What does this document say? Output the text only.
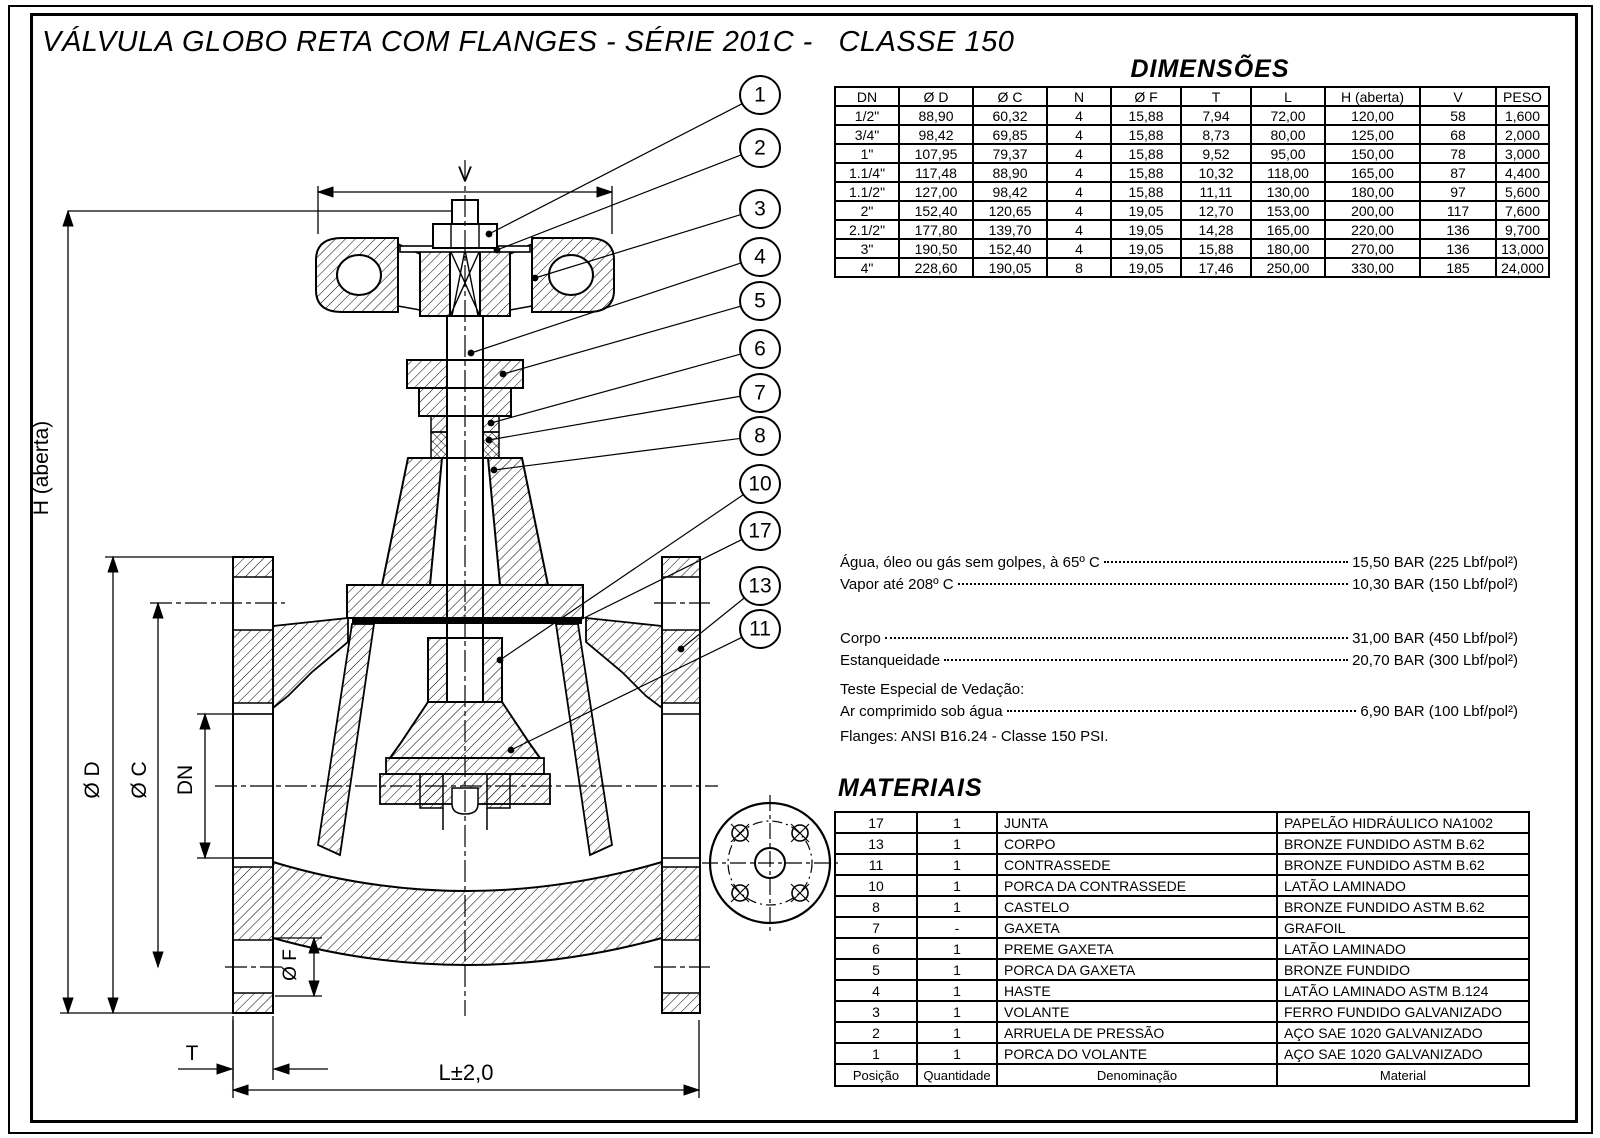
VÁLVULA GLOBO RETA COM FLANGES - SÉRIE 201C -   CLASSE 150
DIMENSÕES
DN	Ø D	Ø C	N	Ø F	T	L	H (aberta)	V	PESO
1/2"	88,90	60,32	4	15,88	7,94	72,00	120,00	58	1,600
3/4"	98,42	69,85	4	15,88	8,73	80,00	125,00	68	2,000
1"	107,95	79,37	4	15,88	9,52	95,00	150,00	78	3,000
1.1/4"	117,48	88,90	4	15,88	10,32	118,00	165,00	87	4,400
1.1/2"	127,00	98,42	4	15,88	11,11	130,00	180,00	97	5,600
2"	152,40	120,65	4	19,05	12,70	153,00	200,00	117	7,600
2.1/2"	177,80	139,70	4	19,05	14,28	165,00	220,00	136	9,700
3"	190,50	152,40	4	19,05	15,88	180,00	270,00	136	13,000
4"	228,60	190,05	8	19,05	17,46	250,00	330,00	185	24,000
Água, óleo ou gás sem golpes, à 65º C	15,50 BAR (225 Lbf/pol²)
Vapor até 208º C	10,30 BAR (150 Lbf/pol²)
Corpo	31,00 BAR (450 Lbf/pol²)
Estanqueidade	20,70 BAR (300 Lbf/pol²)
Teste Especial de Vedação:
Ar comprimido sob água	6,90 BAR (100 Lbf/pol²)
Flanges: ANSI B16.24 - Classe 150 PSI.
MATERIAIS
17	1	JUNTA	PAPELÃO HIDRÁULICO NA1002
13	1	CORPO	BRONZE FUNDIDO ASTM B.62
11	1	CONTRASSEDE	BRONZE FUNDIDO ASTM B.62
10	1	PORCA DA CONTRASSEDE	LATÃO LAMINADO
8	1	CASTELO	BRONZE FUNDIDO ASTM B.62
7	-	GAXETA	GRAFOIL
6	1	PREME GAXETA	LATÃO LAMINADO
5	1	PORCA DA GAXETA	BRONZE FUNDIDO
4	1	HASTE	LATÃO LAMINADO ASTM B.124
3	1	VOLANTE	FERRO FUNDIDO GALVANIZADO
2	1	ARRUELA DE PRESSÃO	AÇO SAE 1020 GALVANIZADO
1	1	PORCA DO VOLANTE	AÇO SAE 1020 GALVANIZADO
Posição	Quantidade	Denominação	Material
V
H (aberta)
Ø D Ø C DN
Ø F
T
L±2,0
1
2
3
4
5
6
7
8
10
17
13
11
